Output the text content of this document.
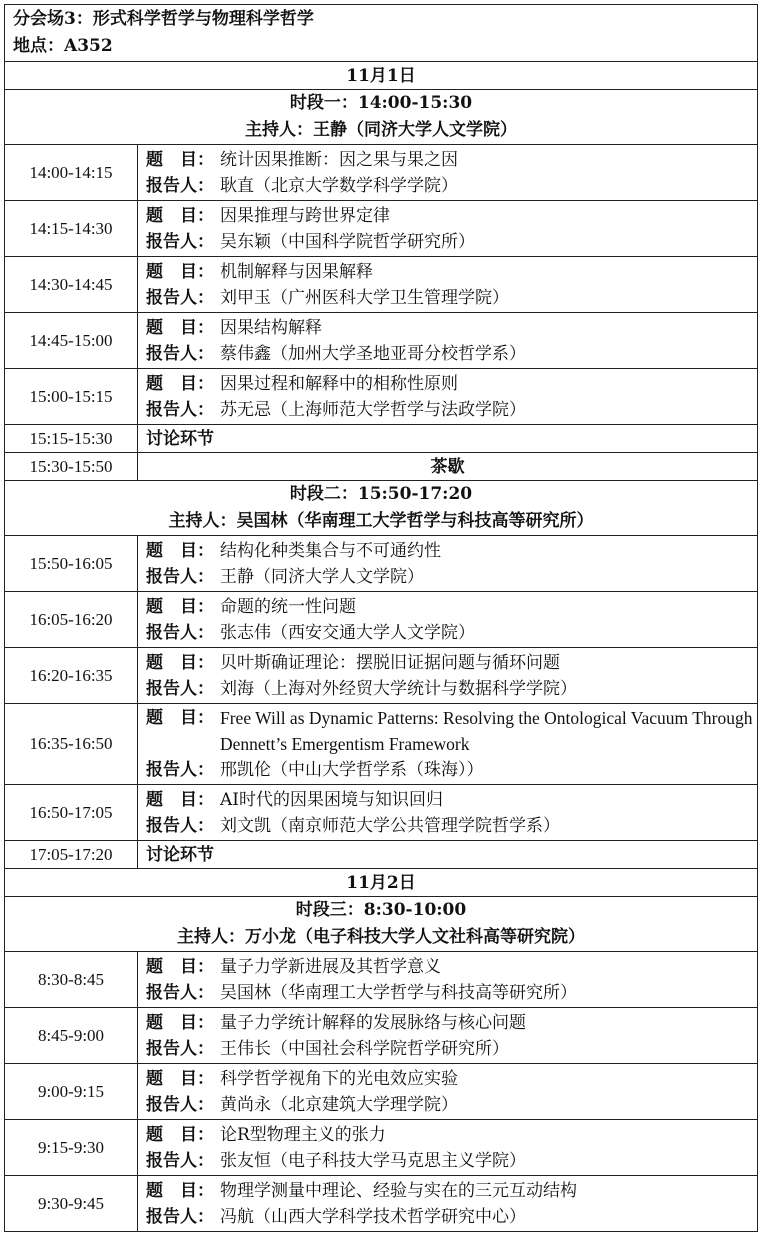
分会场3：形式科学哲学与物理科学哲学
地点：A352	

11月1日	

时段一：14:00-15:30
主持人：王静（同济大学人文学院）	

14:00-14:15	题　目： 统计因果推断：因之果与果之因
报告人： 耿直（北京大学数学科学学院）

14:15-14:30	题　目： 因果推理与跨世界定律
报告人： 吴东颖（中国科学院哲学研究所）

14:30-14:45	题　目： 机制解释与因果解释
报告人： 刘甲玉（广州医科大学卫生管理学院）

14:45-15:00	题　目： 因果结构解释
报告人： 蔡伟鑫（加州大学圣地亚哥分校哲学系）

15:00-15:15	题　目： 因果过程和解释中的相称性原则
报告人： 苏无忌（上海师范大学哲学与法政学院）

15:15-15:30	讨论环节
15:30-15:50	茶歇

时段二：15:50-17:20
主持人：吴国林（华南理工大学哲学与科技高等研究所）	

15:50-16:05	题　目： 结构化种类集合与不可通约性
报告人： 王静（同济大学人文学院）

16:05-16:20	题　目： 命题的统一性问题
报告人： 张志伟（西安交通大学人文学院）

16:20-16:35	题　目： 贝叶斯确证理论：摆脱旧证据问题与循环问题
报告人： 刘海（上海对外经贸大学统计与数据科学学院）

16:35-16:50	题　目： Free Will as Dynamic Patterns: Resolving the Ontological Vacuum Through Dennett’s Emergentism Framework
报告人： 邢凯伦（中山大学哲学系（珠海））

16:50-17:05	题　目： AI时代的因果困境与知识回归
报告人： 刘文凯（南京师范大学公共管理学院哲学系）

17:05-17:20	讨论环节
11月2日	

时段三：8:30-10:00
主持人：万小龙（电子科技大学人文社科高等研究院）	

8:30-8:45	题　目： 量子力学新进展及其哲学意义
报告人： 吴国林（华南理工大学哲学与科技高等研究所）

8:45-9:00	题　目： 量子力学统计解释的发展脉络与核心问题
报告人： 王伟长（中国社会科学院哲学研究所）

9:00-9:15	题　目： 科学哲学视角下的光电效应实验
报告人： 黄尚永（北京建筑大学理学院）

9:15-9:30	题　目： 论R型物理主义的张力
报告人： 张友恒（电子科技大学马克思主义学院）

9:30-9:45	题　目： 物理学测量中理论、经验与实在的三元互动结构
报告人： 冯航（山西大学科学技术哲学研究中心）
